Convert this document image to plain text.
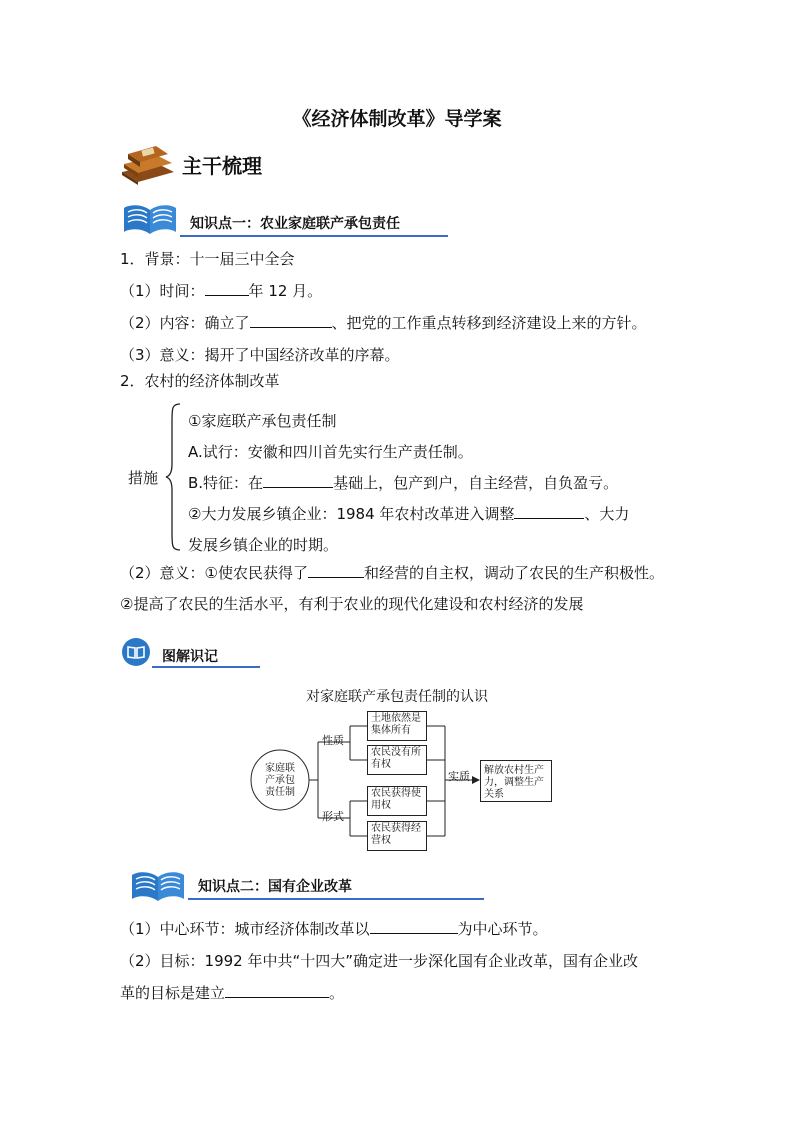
《经济体制改革》导学案
主干梳理
知识点一：农业家庭联产承包责任
1．背景：十一届三中全会
（1）时间：	年 12 月。
（2）内容：确立了	、把党的工作重点转移到经济建设上来的方针。
（3）意义：揭开了中国经济改革的序幕。
2．农村的经济体制改革
措施
①家庭联产承包责任制
A.试行：安徽和四川首先实行生产责任制。
B.特征：在	基础上，包产到户，自主经营，自负盈亏。
②大力发展乡镇企业：1984 年农村改革进入调整	、大力
发展乡镇企业的时期。
（2）意义：①使农民获得了	和经营的自主权，调动了农民的生产积极性。
②提高了农民的生活水平，有利于农业的现代化建设和农村经济的发展
图解识记
对家庭联产承包责任制的认识
家庭联产承包责任制
性质
形式
实质
土地依然是集体所有
农民没有所有权
农民获得使用权
农民获得经营权
解放农村生产力，调整生产关系
知识点二：国有企业改革
（1）中心环节：城市经济体制改革以	为中心环节。
（2）目标：1992 年中共“十四大”确定进一步深化国有企业改革，国有企业改
革的目标是建立	。
